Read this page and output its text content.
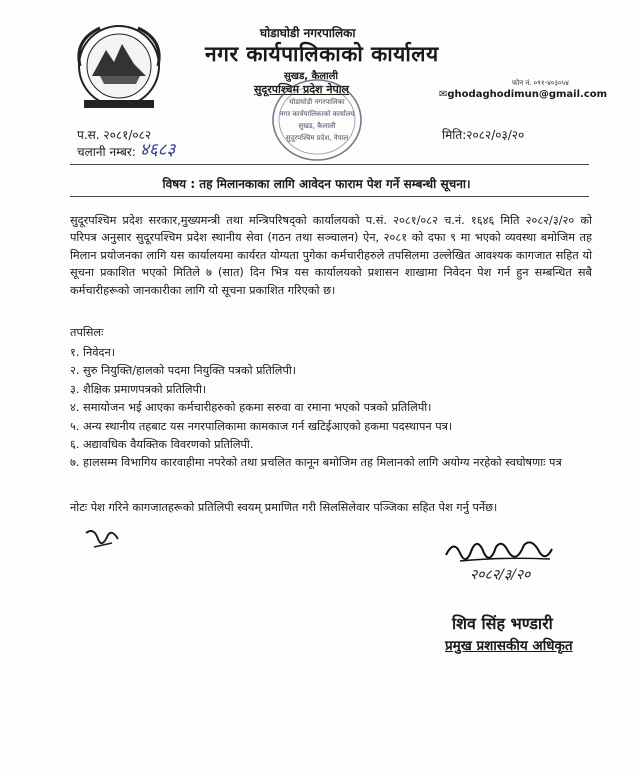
घोडाघोडी नगरपालिका
नगर कार्यपालिकाको कार्यालय
सुखड, कैलाली
सुदूरपश्चिम प्रदेश नेपाल	फोन नं. ०९१-४०३०५४
✉ghodaghodimun@gmail.com
घोडाघोडी नगरपालिका
नगर कार्यपालिकाको कार्यालय
सुखड, कैलाली
सुदूरपश्चिम प्रदेश, नेपाल
प.स. २०८१/०८२
चलानी नम्बर: ४६८३
मिति:२०८२/०३/२०
विषय : तह मिलानकाका लागि आवेदन फाराम पेश गर्ने सम्बन्धी सूचना।
सुदूरपश्चिम प्रदेश सरकार,मुख्यमन्त्री तथा मन्त्रिपरिषद्को कार्यालयको प.सं. २०८१/०८२ च.नं. १६४६ मिति २०८२/३/२० को परिपत्र अनुसार सुदूरपश्चिम प्रदेश स्थानीय सेवा (गठन तथा सञ्चालन) ऐन, २०८१ को दफा ९ मा भएको व्यवस्था बमोजिम तह मिलान प्रयोजनका लागि यस कार्यालयमा कार्यरत योग्यता पुगेका कर्मचारीहरुले तपसिलमा उल्लेखित आवश्यक कागजात सहित यो सूचना प्रकाशित भएको मितिले ७ (सात) दिन भित्र यस कार्यालयको प्रशासन शाखामा निवेदन पेश गर्न हुन सम्बन्धित सबै कर्मचारीहरूको जानकारीका लागि यो सूचना प्रकाशित गरिएको छ।
तपसिलः
१. निवेदन।
२. सुरु नियुक्ति/हालको पदमा नियुक्ति पत्रको प्रतिलिपी।
३. शैक्षिक प्रमाणपत्रको प्रतिलिपी।
४. समायोजन भई आएका कर्मचारीहरुको हकमा सरुवा वा रमाना भएको पत्रको प्रतिलिपी।
५. अन्य स्थानीय तहबाट यस नगरपालिकामा कामकाज गर्न खटिईआएको हकमा पदस्थापन पत्र।
६. अद्यावधिक वैयक्तिक विवरणको प्रतिलिपी.
७. हालसम्म विभागिय कारवाहीमा नपरेको तथा प्रचलित कानून बमोजिम तह मिलानको लागि अयोग्य नरहेको स्वघोषणाः पत्र
नोटः पेश गरिने कागजातहरूको प्रतिलिपी स्वयम् प्रमाणित गरी सिलसिलेवार पञ्जिका सहित पेश गर्नु पर्नेछ।
२०८२/३/२०
शिव सिंह भण्डारी
प्रमुख प्रशासकीय अधिकृत
